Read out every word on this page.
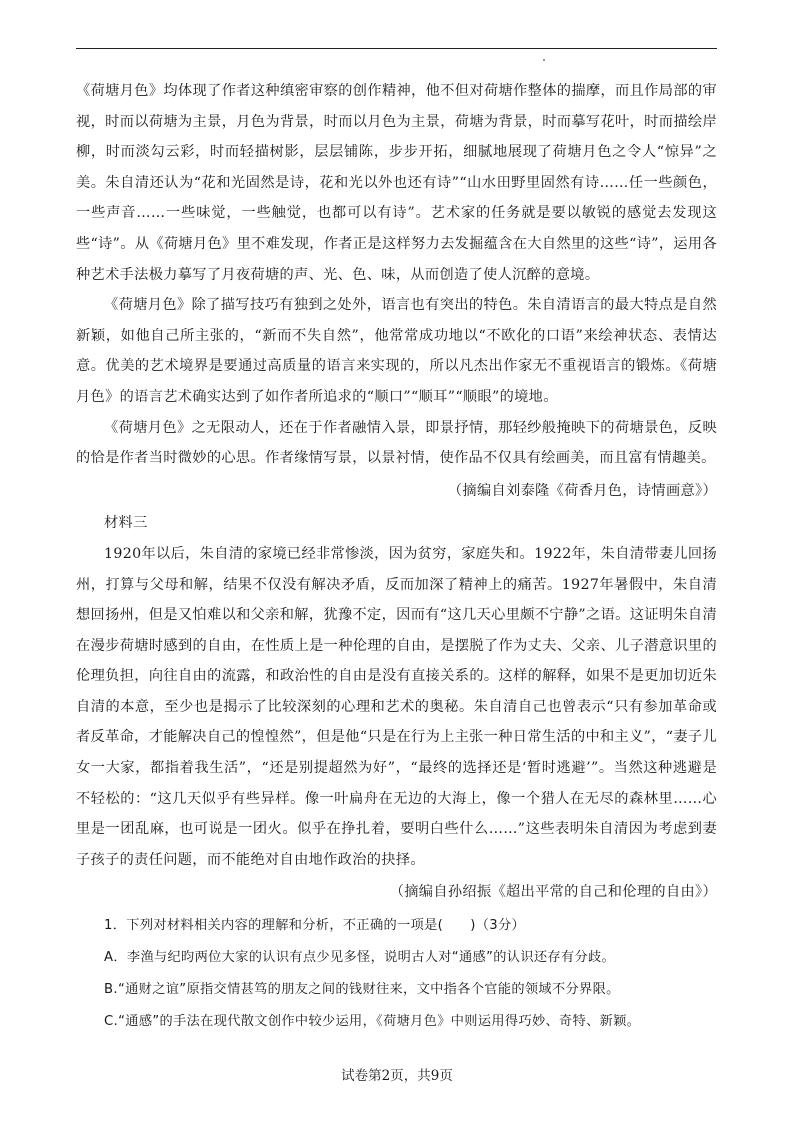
《荷塘月色》均体现了作者这种缜密审察的创作精神，他不但对荷塘作整体的揣摩，而且作局部的审视，时而以荷塘为主景，月色为背景，时而以月色为主景，荷塘为背景，时而摹写花叶，时而描绘岸柳，时而淡勾云彩，时而轻描树影，层层铺陈，步步开拓，细腻地展现了荷塘月色之令人“惊异”之美。朱自清还认为“花和光固然是诗，花和光以外也还有诗”“山水田野里固然有诗……任一些颜色，一些声音……一些味觉，一些触觉，也都可以有诗”。艺术家的任务就是要以敏锐的感觉去发现这些“诗”。从《荷塘月色》里不难发现，作者正是这样努力去发掘蕴含在大自然里的这些“诗”，运用各种艺术手法极力摹写了月夜荷塘的声、光、色、味，从而创造了使人沉醉的意境。

《荷塘月色》除了描写技巧有独到之处外，语言也有突出的特色。朱自清语言的最大特点是自然新颖，如他自己所主张的，“新而不失自然”，他常常成功地以“不欧化的口语”来绘神状态、表情达意。优美的艺术境界是要通过高质量的语言来实现的，所以凡杰出作家无不重视语言的锻炼。《荷塘月色》的语言艺术确实达到了如作者所追求的“顺口”“顺耳”“顺眼”的境地。

《荷塘月色》之无限动人，还在于作者融情入景，即景抒情，那轻纱般掩映下的荷塘景色，反映的恰是作者当时微妙的心思。作者缘情写景，以景衬情，使作品不仅具有绘画美，而且富有情趣美。

（摘编自刘泰隆《荷香月色，诗情画意》）

材料三

1920年以后，朱自清的家境已经非常惨淡，因为贫穷，家庭失和。1922年，朱自清带妻儿回扬州，打算与父母和解，结果不仅没有解决矛盾，反而加深了精神上的痛苦。1927年暑假中，朱自清想回扬州，但是又怕难以和父亲和解，犹豫不定，因而有“这几天心里颇不宁静”之语。这证明朱自清在漫步荷塘时感到的自由，在性质上是一种伦理的自由，是摆脱了作为丈夫、父亲、儿子潜意识里的伦理负担，向往自由的流露，和政治性的自由是没有直接关系的。这样的解释，如果不是更加切近朱自清的本意，至少也是揭示了比较深刻的心理和艺术的奥秘。朱自清自己也曾表示“只有参加革命或者反革命，才能解决自己的惶惶然”，但是他“只是在行为上主张一种日常生活的中和主义”，“妻子儿女一大家，都指着我生活”，“还是别提超然为好”，“最终的选择还是‘暂时逃避’”。当然这种逃避是不轻松的：“这几天似乎有些异样。像一叶扁舟在无边的大海上，像一个猎人在无尽的森林里……心里是一团乱麻，也可说是一团火。似乎在挣扎着，要明白些什么……”这些表明朱自清因为考虑到妻子孩子的责任问题，而不能绝对自由地作政治的抉择。

（摘编自孙绍振《超出平常的自己和伦理的自由》）

1．下列对材料相关内容的理解和分析，不正确的一项是(　　)（3分）

A．李渔与纪昀两位大家的认识有点少见多怪，说明古人对“通感”的认识还存有分歧。

B.“通财之谊”原指交情甚笃的朋友之间的钱财往来，文中指各个官能的领域不分界限。

C.“通感”的手法在现代散文创作中较少运用，《荷塘月色》中则运用得巧妙、奇特、新颖。

试卷第2页，共9页
